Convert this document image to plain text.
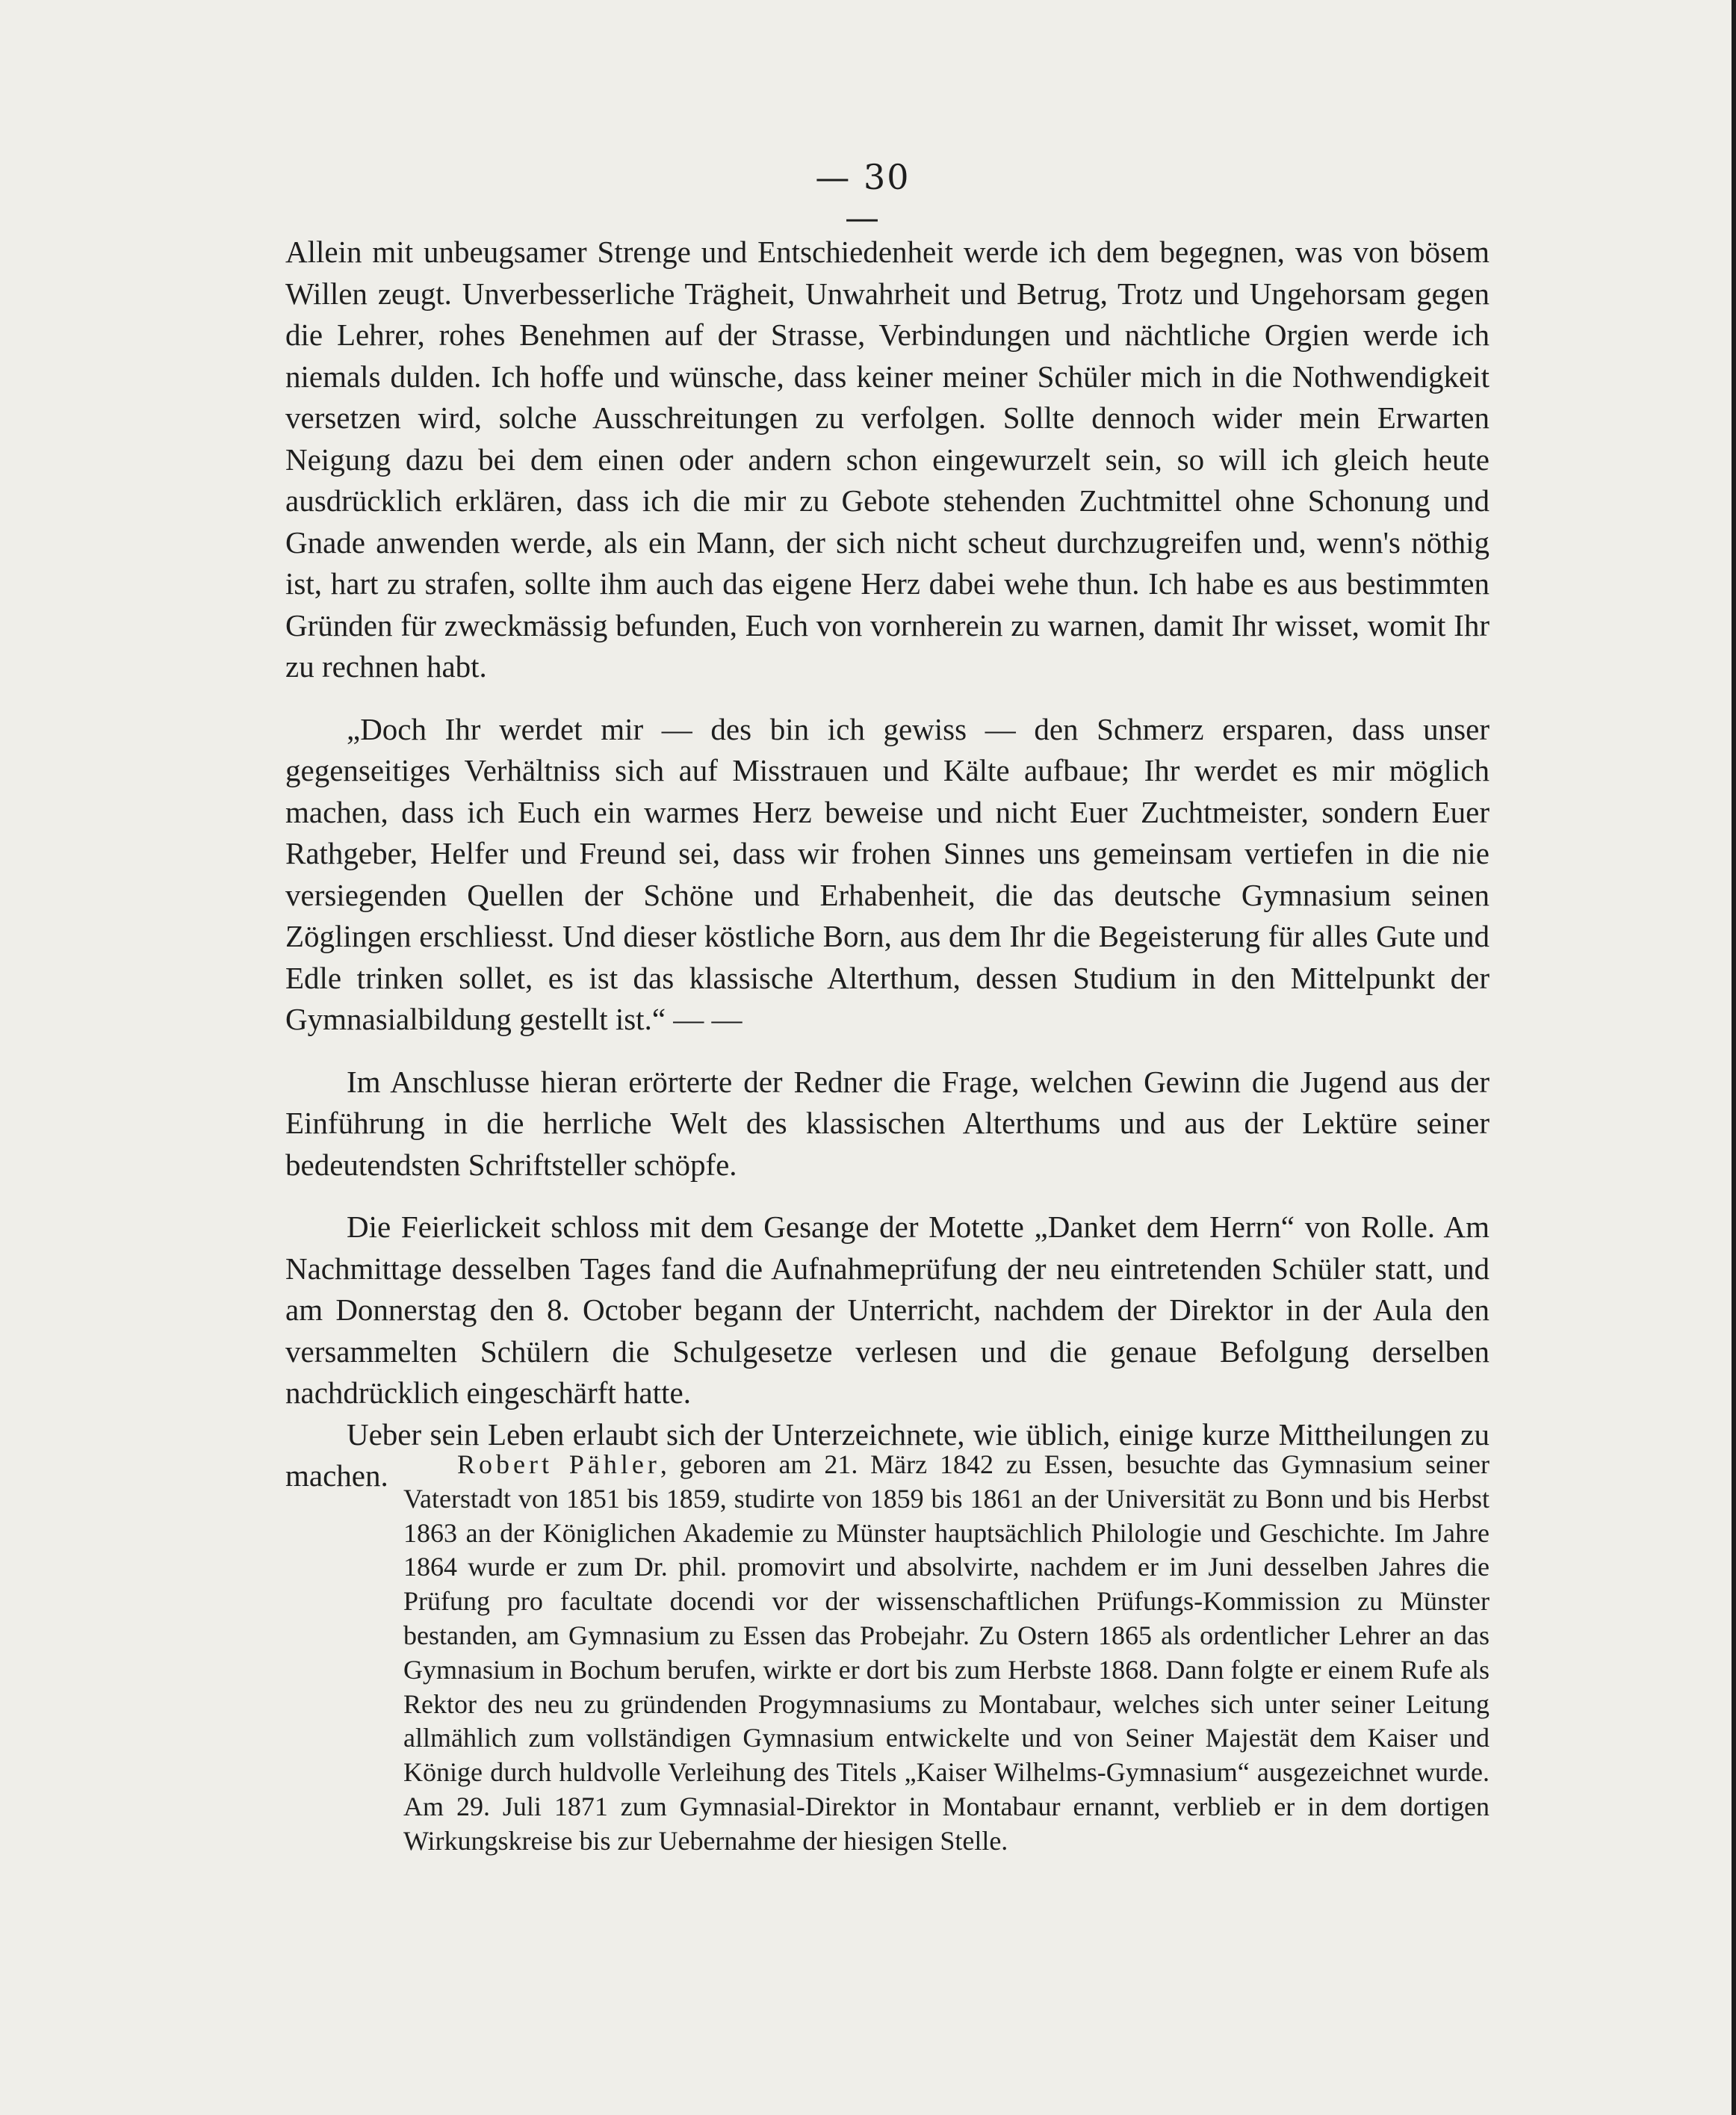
— 30 —

Allein mit unbeugsamer Strenge und Entschiedenheit werde ich dem begegnen, was von bösem Willen zeugt. Unverbesserliche Trägheit, Unwahrheit und Betrug, Trotz und Ungehorsam gegen die Lehrer, rohes Benehmen auf der Strasse, Verbindungen und nächtliche Orgien werde ich niemals dulden. Ich hoffe und wünsche, dass keiner meiner Schüler mich in die Nothwendigkeit versetzen wird, solche Ausschreitungen zu verfolgen. Sollte dennoch wider mein Erwarten Neigung dazu bei dem einen oder andern schon eingewurzelt sein, so will ich gleich heute ausdrücklich erklären, dass ich die mir zu Gebote stehenden Zuchtmittel ohne Schonung und Gnade anwenden werde, als ein Mann, der sich nicht scheut durchzugreifen und, wenn's nöthig ist, hart zu strafen, sollte ihm auch das eigene Herz dabei wehe thun. Ich habe es aus bestimmten Gründen für zweckmässig befunden, Euch von vornherein zu warnen, damit Ihr wisset, womit Ihr zu rechnen habt.

„Doch Ihr werdet mir — des bin ich gewiss — den Schmerz ersparen, dass unser gegenseitiges Verhältniss sich auf Misstrauen und Kälte aufbaue; Ihr werdet es mir möglich machen, dass ich Euch ein warmes Herz beweise und nicht Euer Zuchtmeister, sondern Euer Rathgeber, Helfer und Freund sei, dass wir frohen Sinnes uns gemeinsam vertiefen in die nie versiegenden Quellen der Schöne und Erhabenheit, die das deutsche Gymnasium seinen Zöglingen erschliesst. Und dieser köstliche Born, aus dem Ihr die Begeisterung für alles Gute und Edle trinken sollet, es ist das klassische Alterthum, dessen Studium in den Mittelpunkt der Gymnasialbildung gestellt ist.“ — —

Im Anschlusse hieran erörterte der Redner die Frage, welchen Gewinn die Jugend aus der Einführung in die herrliche Welt des klassischen Alterthums und aus der Lektüre seiner bedeutendsten Schriftsteller schöpfe.

Die Feierlickeit schloss mit dem Gesange der Motette „Danket dem Herrn“ von Rolle. Am Nachmittage desselben Tages fand die Aufnahmeprüfung der neu eintretenden Schüler statt, und am Donnerstag den 8. October begann der Unterricht, nachdem der Direktor in der Aula den versammelten Schülern die Schulgesetze verlesen und die genaue Befolgung derselben nachdrücklich eingeschärft hatte.

Ueber sein Leben erlaubt sich der Unterzeichnete, wie üblich, einige kurze Mittheilungen zu machen.	Robert Pähler, geboren am 21. März 1842 zu Essen, besuchte das Gymnasium seiner Vaterstadt von 1851 bis 1859, studirte von 1859 bis 1861 an der Universität zu Bonn und bis Herbst 1863 an der Königlichen Akademie zu Münster hauptsächlich Philologie und Geschichte. Im Jahre 1864 wurde er zum Dr. phil. promovirt und absolvirte, nachdem er im Juni desselben Jahres die Prüfung pro facultate docendi vor der wissenschaftlichen Prüfungs-Kommission zu Münster bestanden, am Gymnasium zu Essen das Probejahr. Zu Ostern 1865 als ordentlicher Lehrer an das Gymnasium in Bochum berufen, wirkte er dort bis zum Herbste 1868. Dann folgte er einem Rufe als Rektor des neu zu gründenden Progymnasiums zu Montabaur, welches sich unter seiner Leitung allmählich zum vollständigen Gymnasium entwickelte und von Seiner Majestät dem Kaiser und Könige durch huldvolle Verleihung des Titels „Kaiser Wilhelms-Gymnasium“ ausgezeichnet wurde. Am 29. Juli 1871 zum Gymnasial-Direktor in Montabaur ernannt, verblieb er in dem dortigen Wirkungskreise bis zur Uebernahme der hiesigen Stelle.
